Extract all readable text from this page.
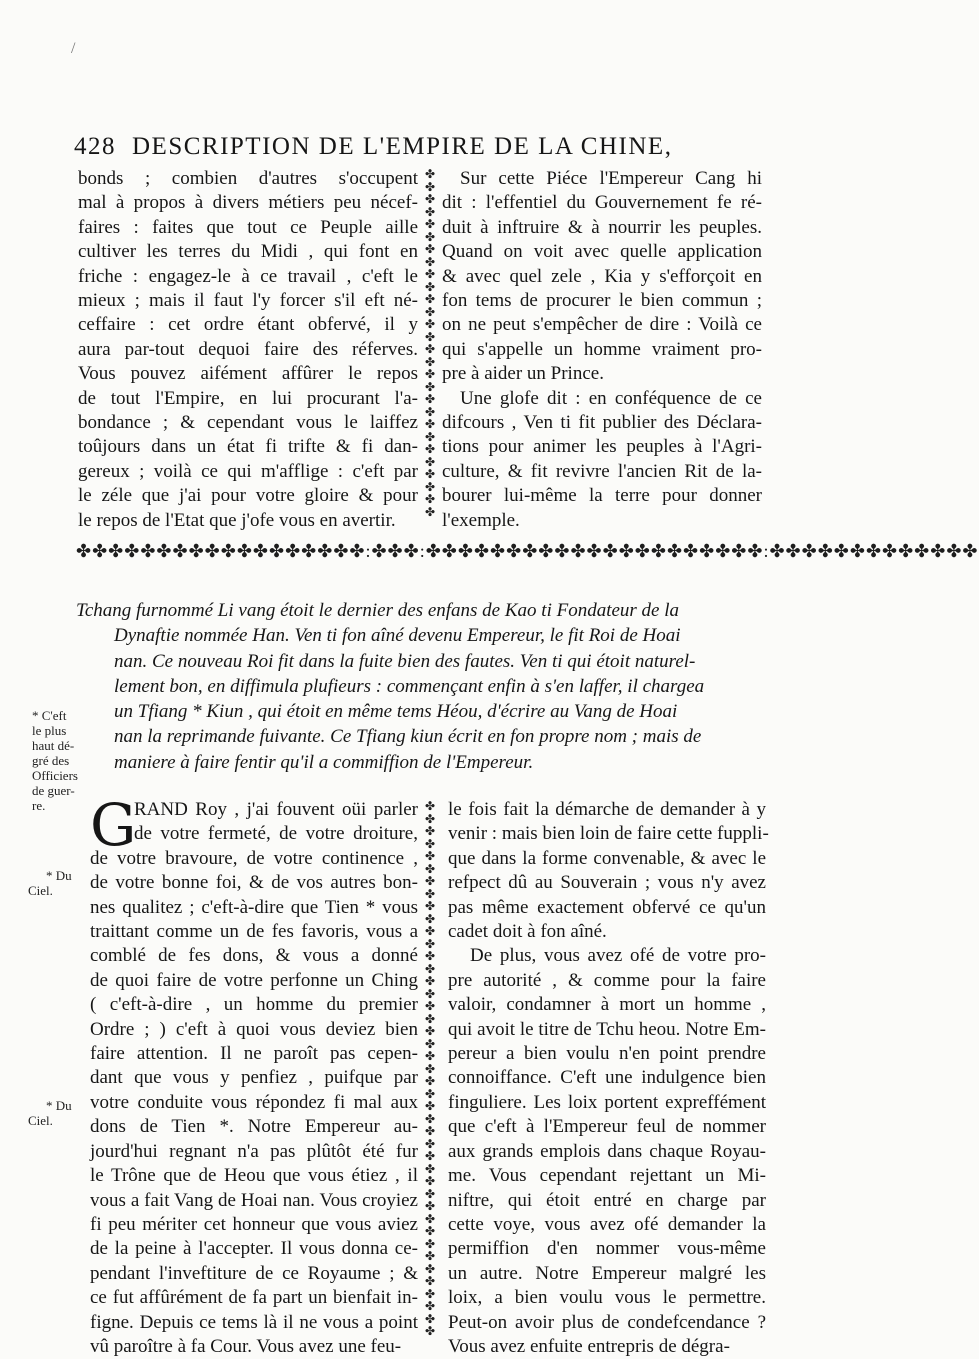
/
428 DESCRIPTION DE L'EMPIRE DE LA CHINE,
bonds ; combien d'autres s'occupent
mal à propos à divers métiers peu nécef-
faires : faites que tout ce Peuple aille
cultiver les terres du Midi , qui font en
friche : engagez-le à ce travail , c'eft le
mieux ; mais il faut l'y forcer s'il eft né-
ceffaire : cet ordre étant obfervé, il y
aura par-tout dequoi faire des réferves.
Vous pouvez aifément affûrer le repos
de tout l'Empire, en lui procurant l'a-
bondance ; & cependant vous le laiffez
toûjours dans un état fi trifte & fi dan-
gereux ; voilà ce qui m'afflige : c'eft par
le zéle que j'ai pour votre gloire & pour
le repos de l'Etat que j'ofe vous en avertir.
✤
✤
✤
✤
✤
✤
✤
✤
✤
✤
✤
✤
✤
✤
✤
✤
✤
✤
✤
✤
✤
✤
✤
✤
✤
✤
✤
✤
Sur cette Piéce l'Empereur Cang hi
dit : l'effentiel du Gouvernement fe ré-
duit à inftruire & à nourrir les peuples.
Quand on voit avec quelle application
& avec quel zele , Kia y s'efforçoit en
fon tems de procurer le bien commun ;
on ne peut s'empêcher de dire : Voilà ce
qui s'appelle un homme vraiment pro-
pre à aider un Prince.
Une glofe dit : en conféquence de ce
difcours , Ven ti fit publier des Déclara-
tions pour animer les peuples à l'Agri-
culture, & fit revivre l'ancien Rit de la-
bourer lui-même la terre pour donner
l'exemple.
✤✤✤✤✤✤✤✤✤✤✤✤✤✤✤✤✤✤:✤✤✤:✤✤✤✤✤✤✤✤✤✤✤✤✤✤✤✤✤✤✤✤✤:✤✤✤✤✤✤✤✤✤✤✤✤✤
Tchang furnommé Li vang étoit le dernier des enfans de Kao ti Fondateur de la
Dynaftie nommée Han. Ven ti fon aîné devenu Empereur, le fit Roi de Hoai
nan. Ce nouveau Roi fit dans la fuite bien des fautes. Ven ti qui étoit naturel-
lement bon, en diffimula plufieurs : commençant enfin à s'en laffer, il chargea
un Tfiang * Kiun , qui étoit en même tems Héou, d'écrire au Vang de Hoai
nan la reprimande fuivante. Ce Tfiang kiun écrit en fon propre nom ; mais de
maniere à faire fentir qu'il a commiffion de l'Empereur.
* C'eft
le plus
haut dé-
gré des
Officiers
de guer-
re.
* Du
Ciel.
* Du
Ciel.
G
RAND Roy , j'ai fouvent oüi parler
de votre fermeté, de votre droiture,
de votre bravoure, de votre continence ,
de votre bonne foi, & de vos autres bon-
nes qualitez ; c'eft-à-dire que Tien * vous
traittant comme un de fes favoris, vous a
comblé de fes dons, & vous a donné
de quoi faire de votre perfonne un Ching
( c'eft-à-dire , un homme du premier
Ordre ; ) c'eft à quoi vous deviez bien
faire attention. Il ne paroît pas cepen-
dant que vous y penfiez , puifque par
votre conduite vous répondez fi mal aux
dons de Tien *. Notre Empereur au-
jourd'hui regnant n'a pas plûtôt été fur
le Trône que de Heou que vous étiez , il
vous a fait Vang de Hoai nan. Vous croyiez
fi peu mériter cet honneur que vous aviez
de la peine à l'accepter. Il vous donna ce-
pendant l'inveftiture de ce Royaume ; &
ce fut affûrément de fa part un bienfait in-
figne. Depuis ce tems là il ne vous a point
vû paroître à fa Cour. Vous avez une feu-
✤
✤
✤
✤
✤
✤
✤
✤
✤
✤
✤
✤
✤
✤
✤
✤
✤
✤
✤
✤
✤
✤
✤
✤
✤
✤
✤
✤
✤
✤
✤
✤
✤
✤
✤
✤
✤
✤
✤
✤
✤
✤
✤
le fois fait la démarche de demander à y
venir : mais bien loin de faire cette fuppli-
que dans la forme convenable, & avec le
refpect dû au Souverain ; vous n'y avez
pas même exactement obfervé ce qu'un
cadet doit à fon aîné.
De plus, vous avez ofé de votre pro-
pre autorité , & comme pour la faire
valoir, condamner à mort un homme ,
qui avoit le titre de Tchu heou. Notre Em-
pereur a bien voulu n'en point prendre
connoiffance. C'eft une indulgence bien
finguliere. Les loix portent expreffément
que c'eft à l'Empereur feul de nommer
aux grands emplois dans chaque Royau-
me. Vous cependant rejettant un Mi-
niftre, qui étoit entré en charge par
cette voye, vous avez ofé demander la
permiffion d'en nommer vous-même
un autre. Notre Empereur malgré les
loix, a bien voulu vous le permettre.
Peut-on avoir plus de condefcendance ?
Vous avez enfuite entrepris de dégra-
